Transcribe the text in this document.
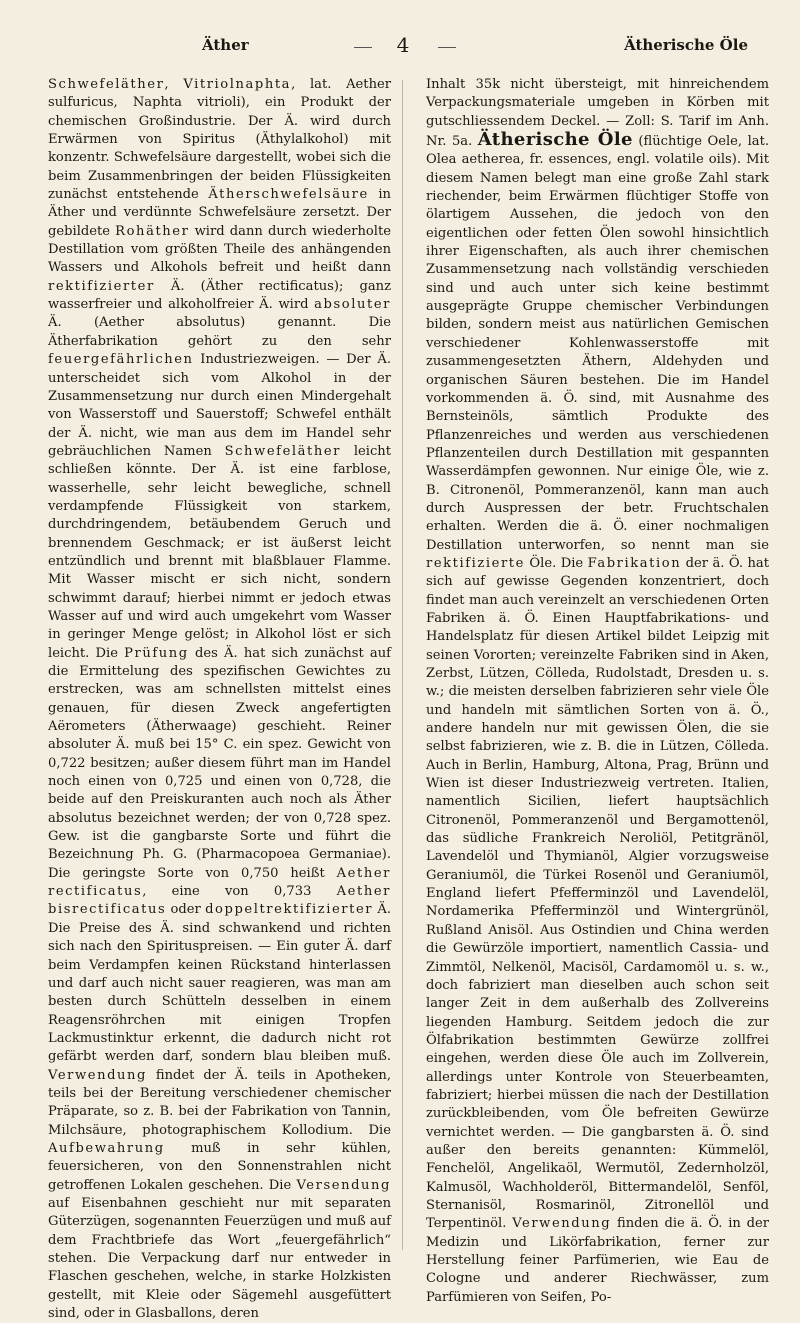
Äther	4	Ätherische Öle
Schwefeläther, Vitriolnaphta, lat. Aether sulfuricus, Naphta vitrioli), ein Produkt der chemischen Großindustrie. Der Ä. wird durch Erwärmen von Spiritus (Äthylalkohol) mit konzentr. Schwefelsäure dargestellt, wobei sich die beim Zusammenbringen der beiden Flüssigkeiten zunächst entstehende Ätherschwefelsäure in Äther und verdünnte Schwefelsäure zersetzt. Der gebildete Rohäther wird dann durch wiederholte Destillation vom größten Theile des anhängenden Wassers und Alkohols befreit und heißt dann rektifizierter Ä. (Äther rectificatus); ganz wasserfreier und alkoholfreier Ä. wird absoluter Ä. (Aether absolutus) genannt. Die Ätherfabrikation gehört zu den sehr feuergefährlichen Industriezweigen. — Der Ä. unterscheidet sich vom Alkohol in der Zusammensetzung nur durch einen Mindergehalt von Wasserstoff und Sauerstoff; Schwefel enthält der Ä. nicht, wie man aus dem im Handel sehr gebräuchlichen Namen Schwefeläther leicht schließen könnte. Der Ä. ist eine farblose, wasserhelle, sehr leicht bewegliche, schnell verdampfende Flüssigkeit von starkem, durchdringendem, betäubendem Geruch und brennendem Geschmack; er ist äußerst leicht entzündlich und brennt mit blaßblauer Flamme. Mit Wasser mischt er sich nicht, sondern schwimmt darauf; hierbei nimmt er jedoch etwas Wasser auf und wird auch umgekehrt vom Wasser in geringer Menge gelöst; in Alkohol löst er sich leicht. Die Prüfung des Ä. hat sich zunächst auf die Ermittelung des spezifischen Gewichtes zu erstrecken, was am schnellsten mittelst eines genauen, für diesen Zweck angefertigten Aërometers (Ätherwaage) geschieht. Reiner absoluter Ä. muß bei 15° C. ein spez. Gewicht von 0,722 besitzen; außer diesem führt man im Handel noch einen von 0,725 und einen von 0,728, die beide auf den Preiskuranten auch noch als Äther absolutus bezeichnet werden; der von 0,728 spez. Gew. ist die gangbarste Sorte und führt die Bezeichnung Ph. G. (Pharmacopoea Germaniae). Die geringste Sorte von 0,750 heißt Aether rectificatus, eine von 0,733 Aether bisrectificatus oder doppeltrektifizierter Ä. Die Preise des Ä. sind schwankend und richten sich nach den Spirituspreisen. — Ein guter Ä. darf beim Verdampfen keinen Rückstand hinterlassen und darf auch nicht sauer reagieren, was man am besten durch Schütteln desselben in einem Reagensröhrchen mit einigen Tropfen Lackmustinktur erkennt, die dadurch nicht rot gefärbt werden darf, sondern blau bleiben muß. Verwendung findet der Ä. teils in Apotheken, teils bei der Bereitung verschiedener chemischer Präparate, so z. B. bei der Fabrikation von Tannin, Milchsäure, photographischem Kollodium. Die Aufbewahrung muß in sehr kühlen, feuersicheren, von den Sonnenstrahlen nicht getroffenen Lokalen geschehen. Die Versendung auf Eisenbahnen geschieht nur mit separaten Güterzügen, sogenannten Feuerzügen und muß auf dem Frachtbriefe das Wort „feuergefährlich“ stehen. Die Verpackung darf nur entweder in Flaschen geschehen, welche, in starke Holzkisten gestellt, mit Kleie oder Sägemehl ausgefüttert sind, oder in Glasballons, deren
Inhalt 35k nicht übersteigt, mit hinreichendem Verpackungsmateriale umgeben in Körben mit gutschliessendem Deckel. — Zoll: S. Tarif im Anh. Nr. 5a. Ätherische Öle (flüchtige Oele, lat. Olea aetherea, fr. essences, engl. volatile oils). Mit diesem Namen belegt man eine große Zahl stark riechender, beim Erwärmen flüchtiger Stoffe von ölartigem Aussehen, die jedoch von den eigentlichen oder fetten Ölen sowohl hinsichtlich ihrer Eigenschaften, als auch ihrer chemischen Zusammensetzung nach vollständig verschieden sind und auch unter sich keine bestimmt ausgeprägte Gruppe chemischer Verbindungen bilden, sondern meist aus natürlichen Gemischen verschiedener Kohlenwasserstoffe mit zusammengesetzten Äthern, Aldehyden und organischen Säuren bestehen. Die im Handel vorkommenden ä. Ö. sind, mit Ausnahme des Bernsteinöls, sämtlich Produkte des Pflanzenreiches und werden aus verschiedenen Pflanzenteilen durch Destillation mit gespannten Wasserdämpfen gewonnen. Nur einige Öle, wie z. B. Citronenöl, Pommeranzenöl, kann man auch durch Auspressen der betr. Fruchtschalen erhalten. Werden die ä. Ö. einer nochmaligen Destillation unterworfen, so nennt man sie rektifizierte Öle. Die Fabrikation der ä. Ö. hat sich auf gewisse Gegenden konzentriert, doch findet man auch vereinzelt an verschiedenen Orten Fabriken ä. Ö. Einen Hauptfabrikations- und Handelsplatz für diesen Artikel bildet Leipzig mit seinen Vororten; vereinzelte Fabriken sind in Aken, Zerbst, Lützen, Cölleda, Rudolstadt, Dresden u. s. w.; die meisten derselben fabrizieren sehr viele Öle und handeln mit sämtlichen Sorten von ä. Ö., andere handeln nur mit gewissen Ölen, die sie selbst fabrizieren, wie z. B. die in Lützen, Cölleda. Auch in Berlin, Hamburg, Altona, Prag, Brünn und Wien ist dieser Industriezweig vertreten. Italien, namentlich Sicilien, liefert hauptsächlich Citronenöl, Pommeranzenöl und Bergamottenöl, das südliche Frankreich Neroliöl, Petitgränöl, Lavendelöl und Thymianöl, Algier vorzugsweise Geraniumöl, die Türkei Rosenöl und Geraniumöl, England liefert Pfefferminzöl und Lavendelöl, Nordamerika Pfefferminzöl und Wintergrünöl, Rußland Anisöl. Aus Ostindien und China werden die Gewürzöle importiert, namentlich Cassia- und Zimmtöl, Nelkenöl, Macisöl, Cardamomöl u. s. w., doch fabriziert man dieselben auch schon seit langer Zeit in dem außerhalb des Zollvereins liegenden Hamburg. Seitdem jedoch die zur Ölfabrikation bestimmten Gewürze zollfrei eingehen, werden diese Öle auch im Zollverein, allerdings unter Kontrole von Steuerbeamten, fabriziert; hierbei müssen die nach der Destillation zurückbleibenden, vom Öle befreiten Gewürze vernichtet werden. — Die gangbarsten ä. Ö. sind außer den bereits genannten: Kümmelöl, Fenchelöl, Angelikaöl, Wermutöl, Zedernholzöl, Kalmusöl, Wachholderöl, Bittermandelöl, Senföl, Sternanisöl, Rosmarinöl, Zitronellöl und Terpentinöl. Verwendung finden die ä. Ö. in der Medizin und Likörfabrikation, ferner zur Herstellung feiner Parfümerien, wie Eau de Cologne und anderer Riechwässer, zum Parfümieren von Seifen, Po-
